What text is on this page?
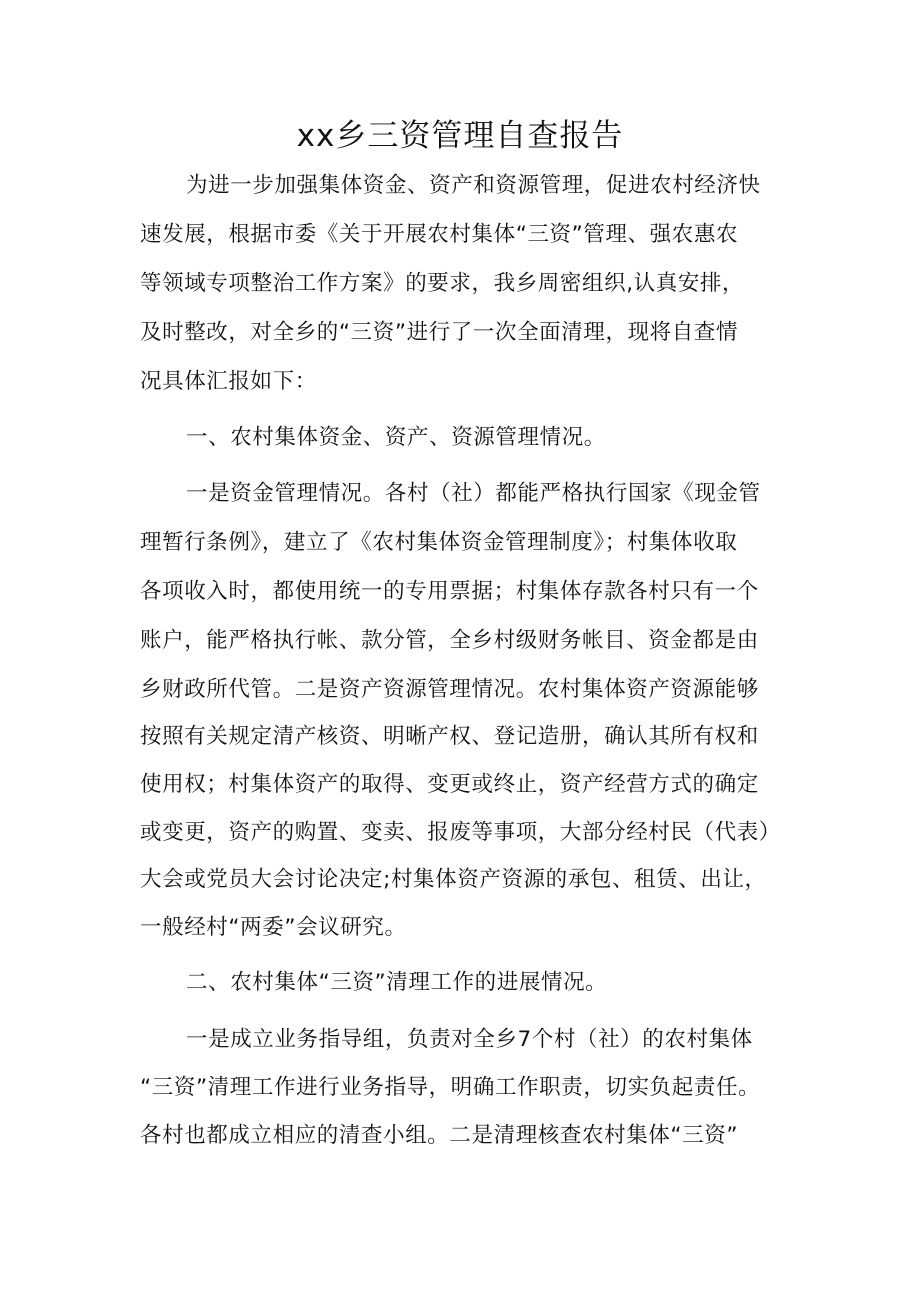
xx乡三资管理自查报告

为进一步加强集体资金、资产和资源管理，促进农村经济快

速发展，根据市委《关于开展农村集体“三资”管理、强农惠农

等领域专项整治工作方案》的要求，我乡周密组织,认真安排，

及时整改，对全乡的“三资”进行了一次全面清理，现将自查情

况具体汇报如下：

一、农村集体资金、资产、资源管理情况。

一是资金管理情况。各村（社）都能严格执行国家《现金管

理暂行条例》，建立了《农村集体资金管理制度》；村集体收取

各项收入时，都使用统一的专用票据；村集体存款各村只有一个

账户，能严格执行帐、款分管，全乡村级财务帐目、资金都是由

乡财政所代管。二是资产资源管理情况。农村集体资产资源能够

按照有关规定清产核资、明晰产权、登记造册，确认其所有权和

使用权；村集体资产的取得、变更或终止，资产经营方式的确定

或变更，资产的购置、变卖、报废等事项，大部分经村民（代表）

大会或党员大会讨论决定;村集体资产资源的承包、租赁、出让，

一般经村“两委”会议研究。

二、农村集体“三资”清理工作的进展情况。

一是成立业务指导组，负责对全乡7个村（社）的农村集体

“三资”清理工作进行业务指导，明确工作职责，切实负起责任。

各村也都成立相应的清查小组。二是清理核查农村集体“三资”
